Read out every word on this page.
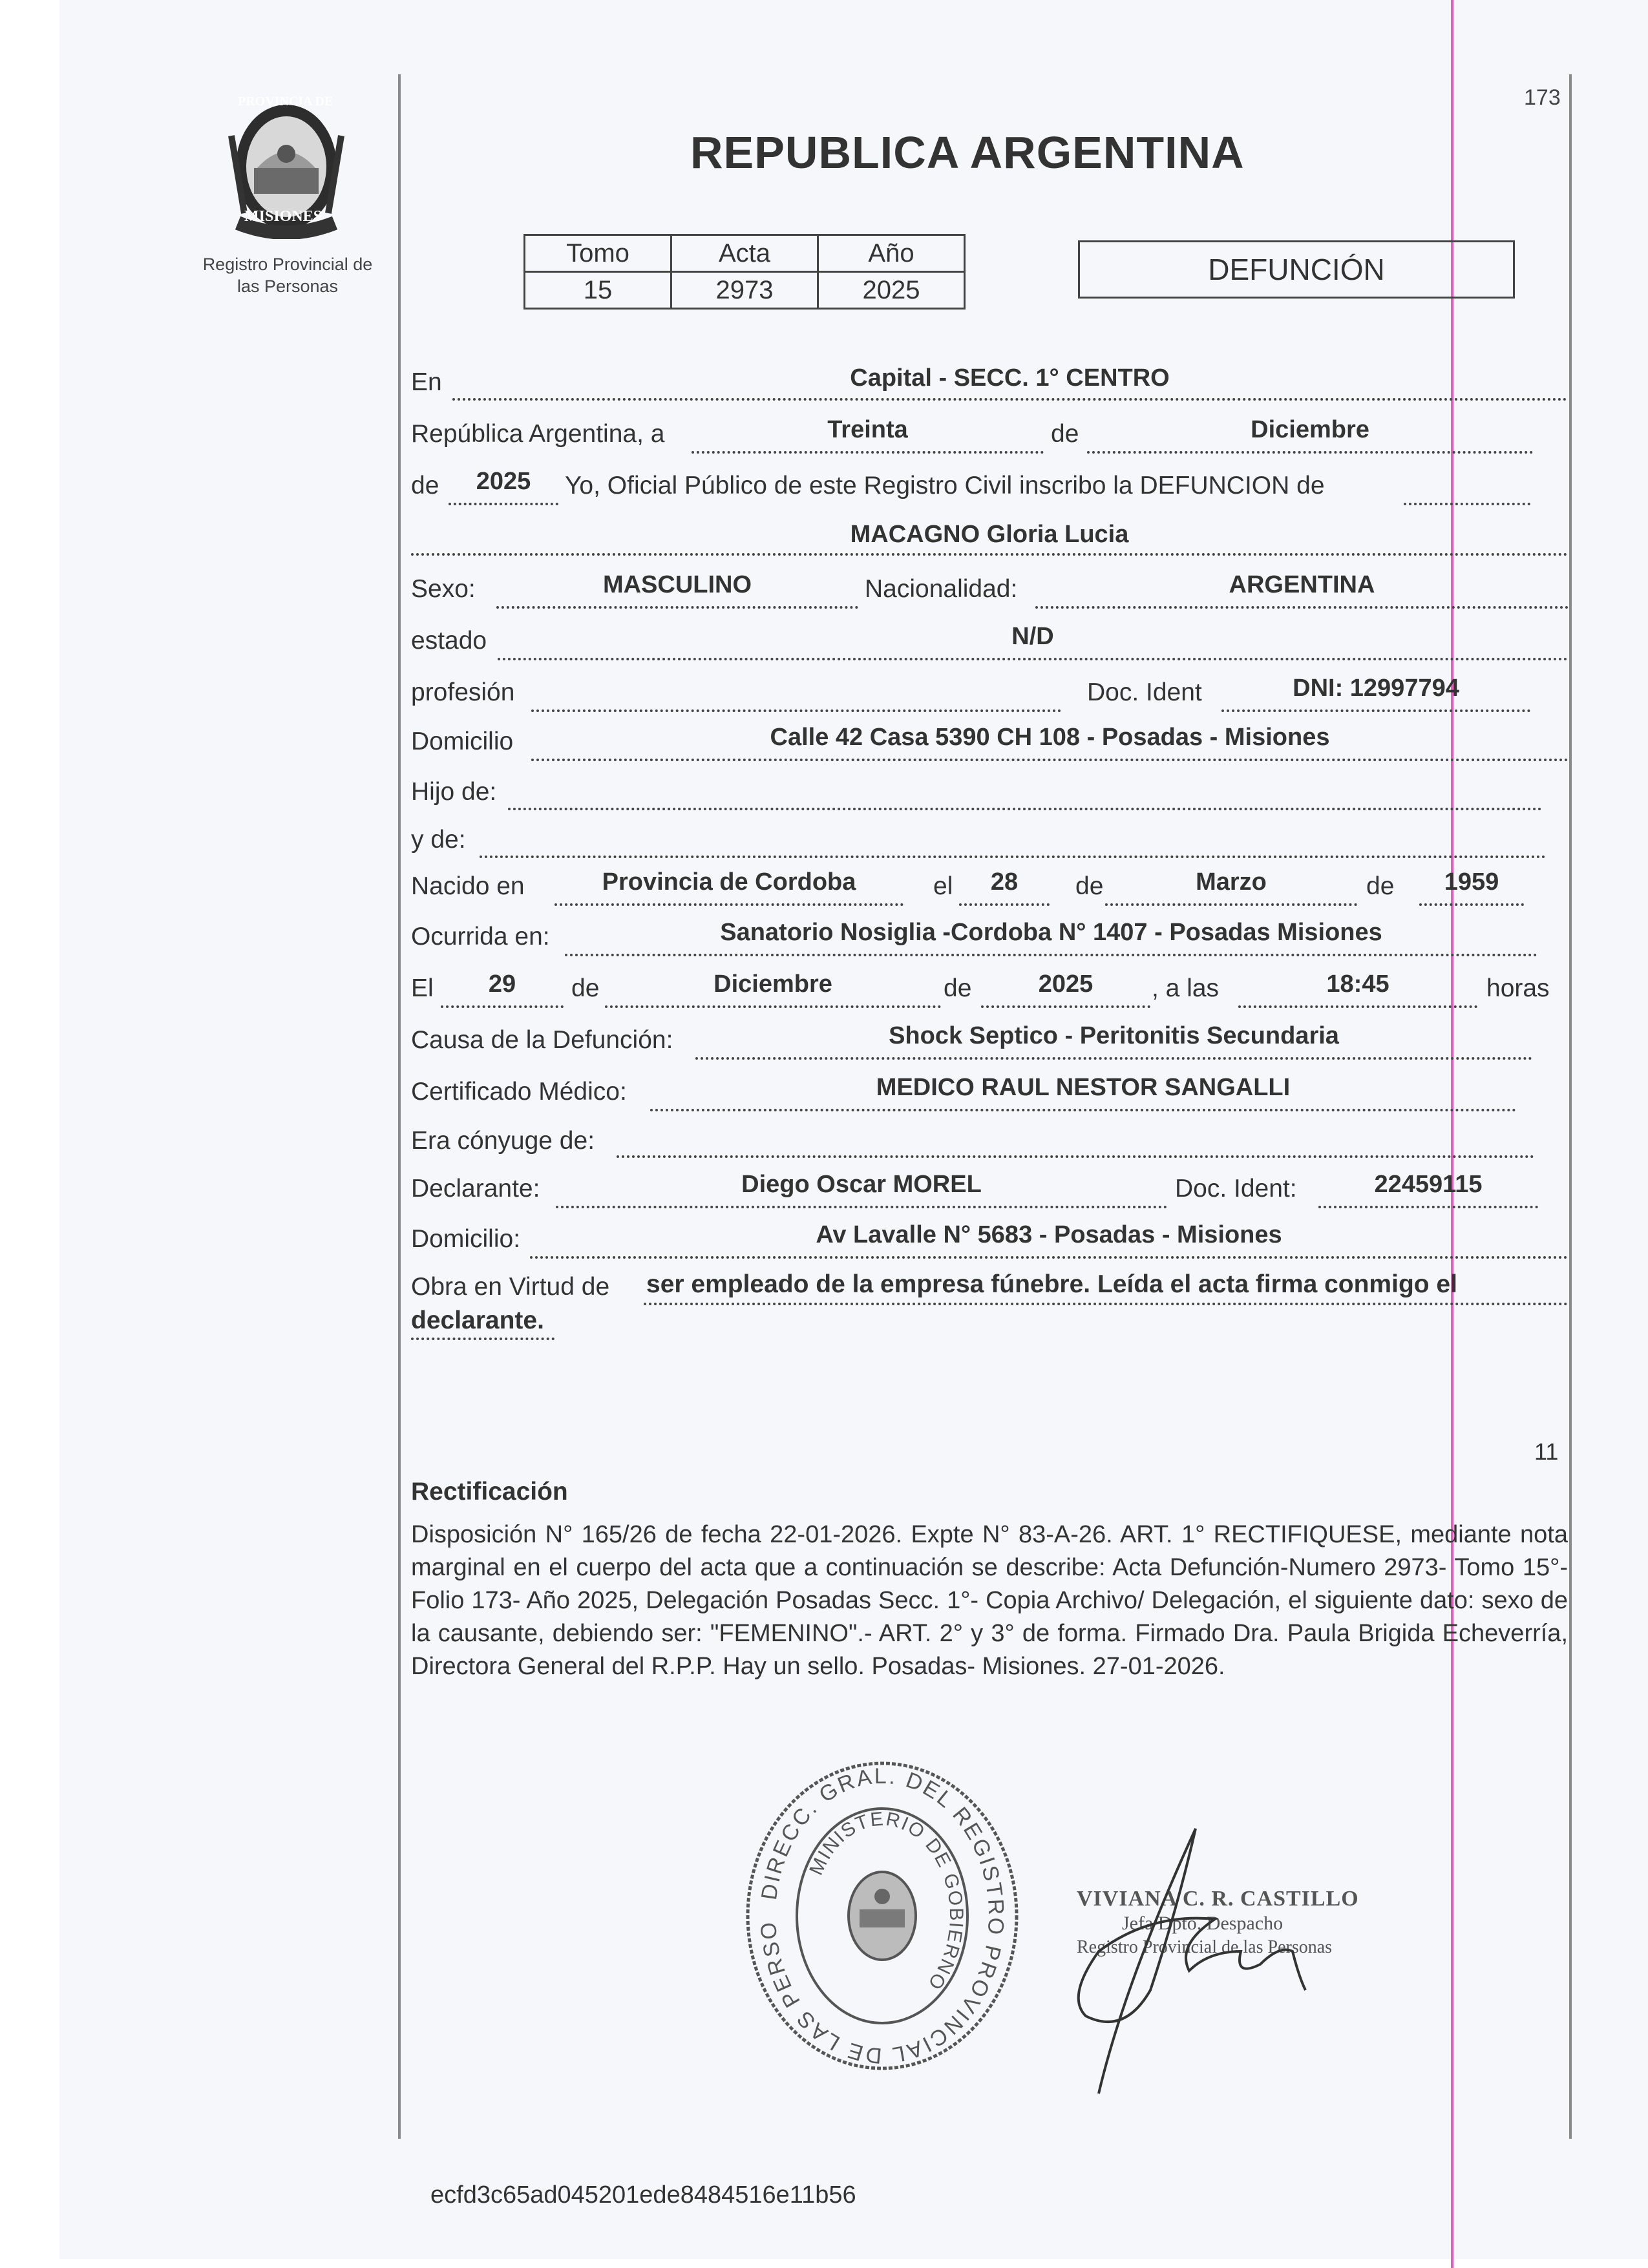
PROVINCIA DE
MISIONES
Registro Provincial de
las Personas
REPUBLICA ARGENTINA
173
Tomo	Acta	Año
15	2973	2025
DEFUNCIÓN
En	Capital - SECC. 1° CENTRO
República Argentina, a	Treinta	de	Diciembre
de	2025	Yo, Oficial Público de este Registro Civil inscribo la DEFUNCION de
MACAGNO Gloria Lucia
Sexo:	MASCULINO	Nacionalidad:	ARGENTINA
estado	N/D
profesión	Doc. Ident	DNI: 12997794
Domicilio	Calle 42 Casa 5390 CH 108 - Posadas - Misiones
Hijo de:
y de:
Nacido en	Provincia de Cordoba	el	28	de	Marzo	de	1959
Ocurrida en:	Sanatorio Nosiglia -Cordoba N° 1407 - Posadas Misiones
El	29	de	Diciembre	de	2025	, a las	18:45	horas
Causa de la Defunción:	Shock Septico - Peritonitis Secundaria
Certificado Médico:	MEDICO RAUL NESTOR SANGALLI
Era cónyuge de:
Declarante:	Diego Oscar MOREL	Doc. Ident:	22459115
Domicilio:	Av Lavalle N° 5683 - Posadas - Misiones
Obra en Virtud de ser empleado de la empresa fúnebre. Leída el acta firma conmigo el
declarante.
11
Rectificación
Disposición N° 165/26 de fecha 22-01-2026. Expte N° 83-A-26. ART. 1° RECTIFIQUESE, mediante nota marginal en el cuerpo del acta que a continuación se describe: Acta Defunción-Numero 2973- Tomo 15°- Folio 173- Año 2025, Delegación Posadas Secc. 1°- Copia Archivo/ Delegación, el siguiente dato: sexo de la causante, debiendo ser: "FEMENINO".- ART. 2° y 3° de forma. Firmado Dra. Paula Brigida Echeverría, Directora General del R.P.P. Hay un sello. Posadas- Misiones. 27-01-2026.
DIRECC. GRAL. DEL REGISTRO PROVINCIAL DE LAS PERSO
MINISTERIO DE GOBIERNO
VIVIANA C. R. CASTILLO
Jefa Dpto. Despacho
Registro Provincial de las Personas
ecfd3c65ad045201ede8484516e11b56
